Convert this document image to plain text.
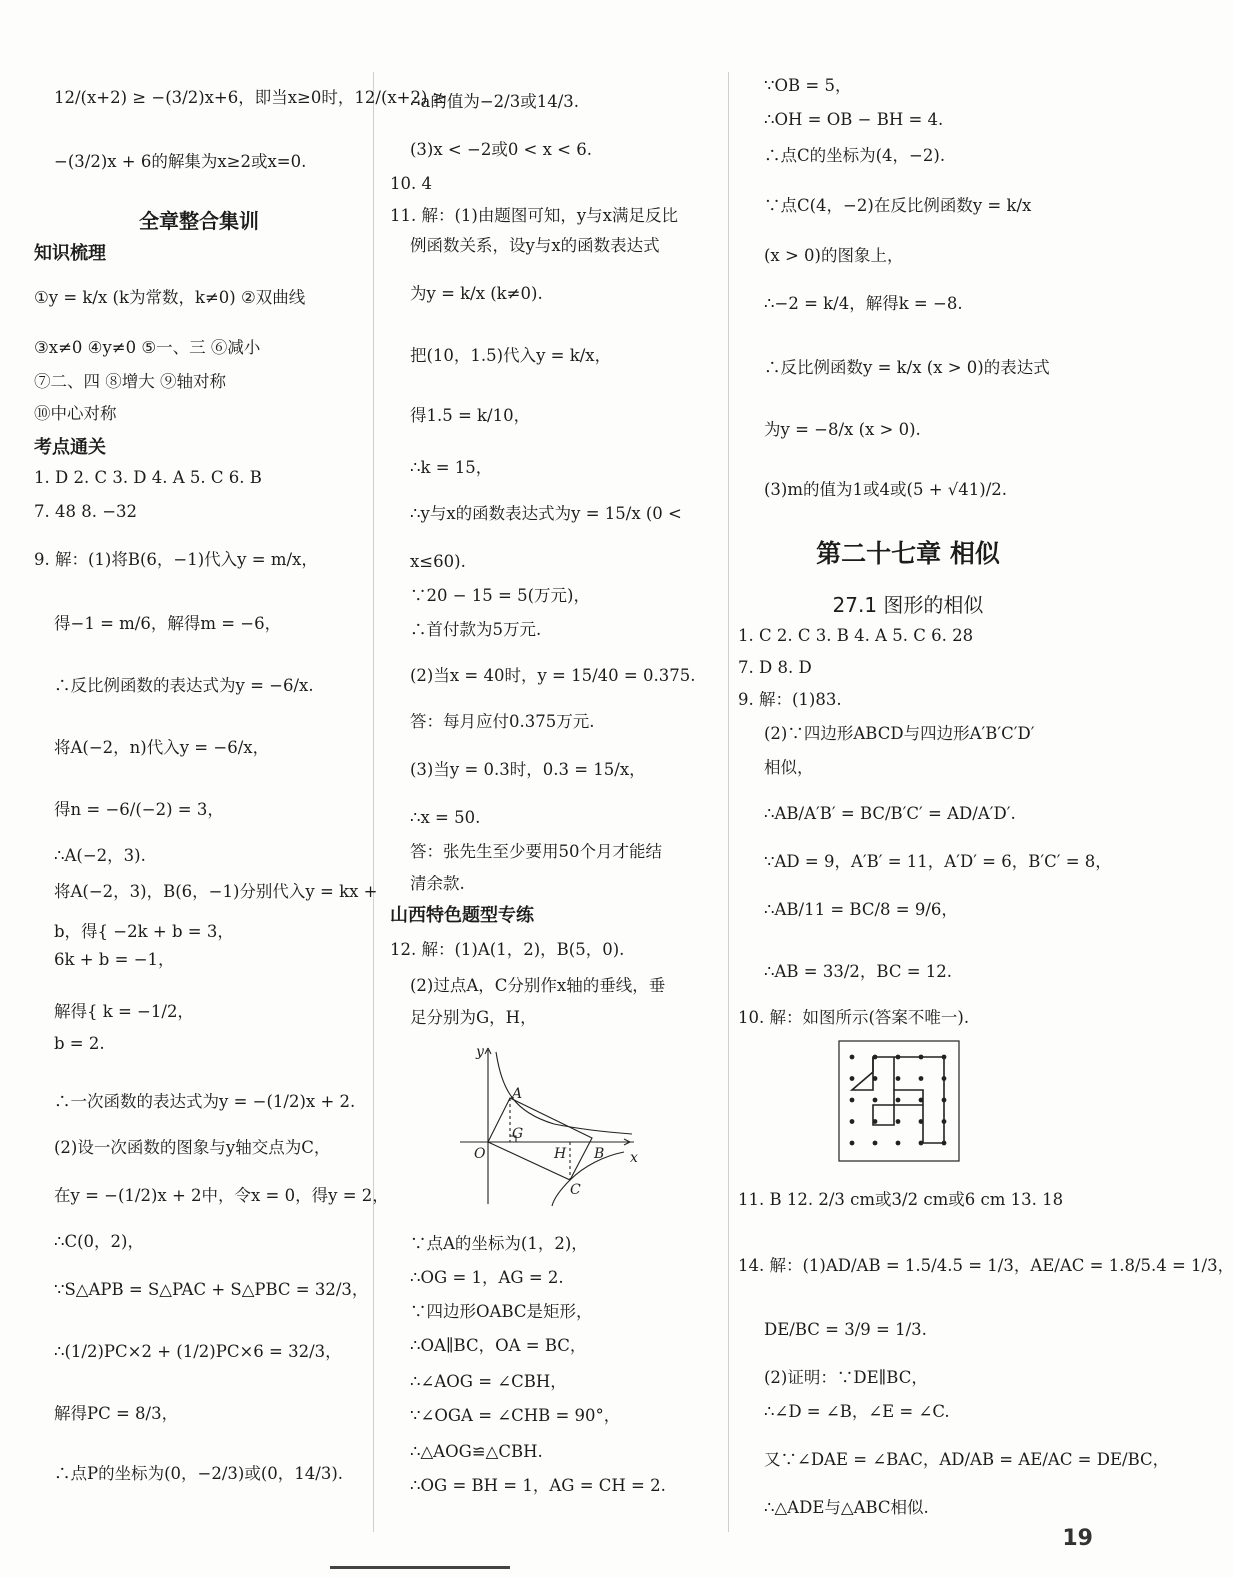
12/(x+2) ≥ −(3/2)x+6，即当x≥0时，12/(x+2) ≥
−(3/2)x + 6的解集为x≥2或x=0.
全章整合集训
知识梳理
①y = k/x (k为常数，k≠0) ②双曲线
③x≠0 ④y≠0 ⑤一、三 ⑥减小
⑦二、四 ⑧增大 ⑨轴对称
⑩中心对称
考点通关
1. D 2. C 3. D 4. A 5. C 6. B
7. 48 8. −32
9. 解：(1)将B(6，−1)代入y = m/x，
得−1 = m/6，解得m = −6，
∴反比例函数的表达式为y = −6/x.
将A(−2，n)代入y = −6/x，
得n = −6/(−2) = 3，
∴A(−2，3).
将A(−2，3)，B(6，−1)分别代入y = kx +
b，得{ −2k + b = 3，
6k + b = −1，
解得{ k = −1/2，
b = 2.
∴一次函数的表达式为y = −(1/2)x + 2.
(2)设一次函数的图象与y轴交点为C，
在y = −(1/2)x + 2中，令x = 0，得y = 2，
∴C(0，2)，
∵S△APB = S△PAC + S△PBC = 32/3，
∴(1/2)PC×2 + (1/2)PC×6 = 32/3，
解得PC = 8/3，
∴点P的坐标为(0，−2/3)或(0，14/3).
∴a的值为−2/3或14/3.
(3)x < −2或0 < x < 6.
10. 4
11. 解：(1)由题图可知，y与x满足反比
例函数关系，设y与x的函数表达式
为y = k/x (k≠0).
把(10，1.5)代入y = k/x，
得1.5 = k/10，
∴k = 15，
∴y与x的函数表达式为y = 15/x (0 <
x≤60).
∵20 − 15 = 5(万元)，
∴首付款为5万元.
(2)当x = 40时，y = 15/40 = 0.375.
答：每月应付0.375万元.
(3)当y = 0.3时，0.3 = 15/x，
∴x = 50.
答：张先生至少要用50个月才能结
清余款.
山西特色题型专练
12. 解：(1)A(1，2)，B(5，0).
(2)过点A，C分别作x轴的垂线，垂
足分别为G，H，
y
x
O
A
G
H B
C
∵点A的坐标为(1，2)，
∴OG = 1，AG = 2.
∵四边形OABC是矩形，
∴OA∥BC，OA = BC，
∴∠AOG = ∠CBH，
∵∠OGA = ∠CHB = 90°，
∴△AOG≌△CBH.
∴OG = BH = 1，AG = CH = 2.
∵OB = 5，
∴OH = OB − BH = 4.
∴点C的坐标为(4，−2).
∵点C(4，−2)在反比例函数y = k/x
(x > 0)的图象上，
∴−2 = k/4，解得k = −8.
∴反比例函数y = k/x (x > 0)的表达式
为y = −8/x (x > 0).
(3)m的值为1或4或(5 + √41)/2.
第二十七章 相似
27.1 图形的相似
1. C 2. C 3. B 4. A 5. C 6. 28
7. D 8. D
9. 解：(1)83.
(2)∵四边形ABCD与四边形A′B′C′D′
相似，
∴AB/A′B′ = BC/B′C′ = AD/A′D′.
∵AD = 9，A′B′ = 11，A′D′ = 6，B′C′ = 8，
∴AB/11 = BC/8 = 9/6，
∴AB = 33/2，BC = 12.
10. 解：如图所示(答案不唯一).
11. B 12. 2/3 cm或3/2 cm或6 cm 13. 18
14. 解：(1)AD/AB = 1.5/4.5 = 1/3，AE/AC = 1.8/5.4 = 1/3，
DE/BC = 3/9 = 1/3.
(2)证明：∵DE∥BC，
∴∠D = ∠B，∠E = ∠C.
又∵∠DAE = ∠BAC，AD/AB = AE/AC = DE/BC，
∴△ADE与△ABC相似.
19
